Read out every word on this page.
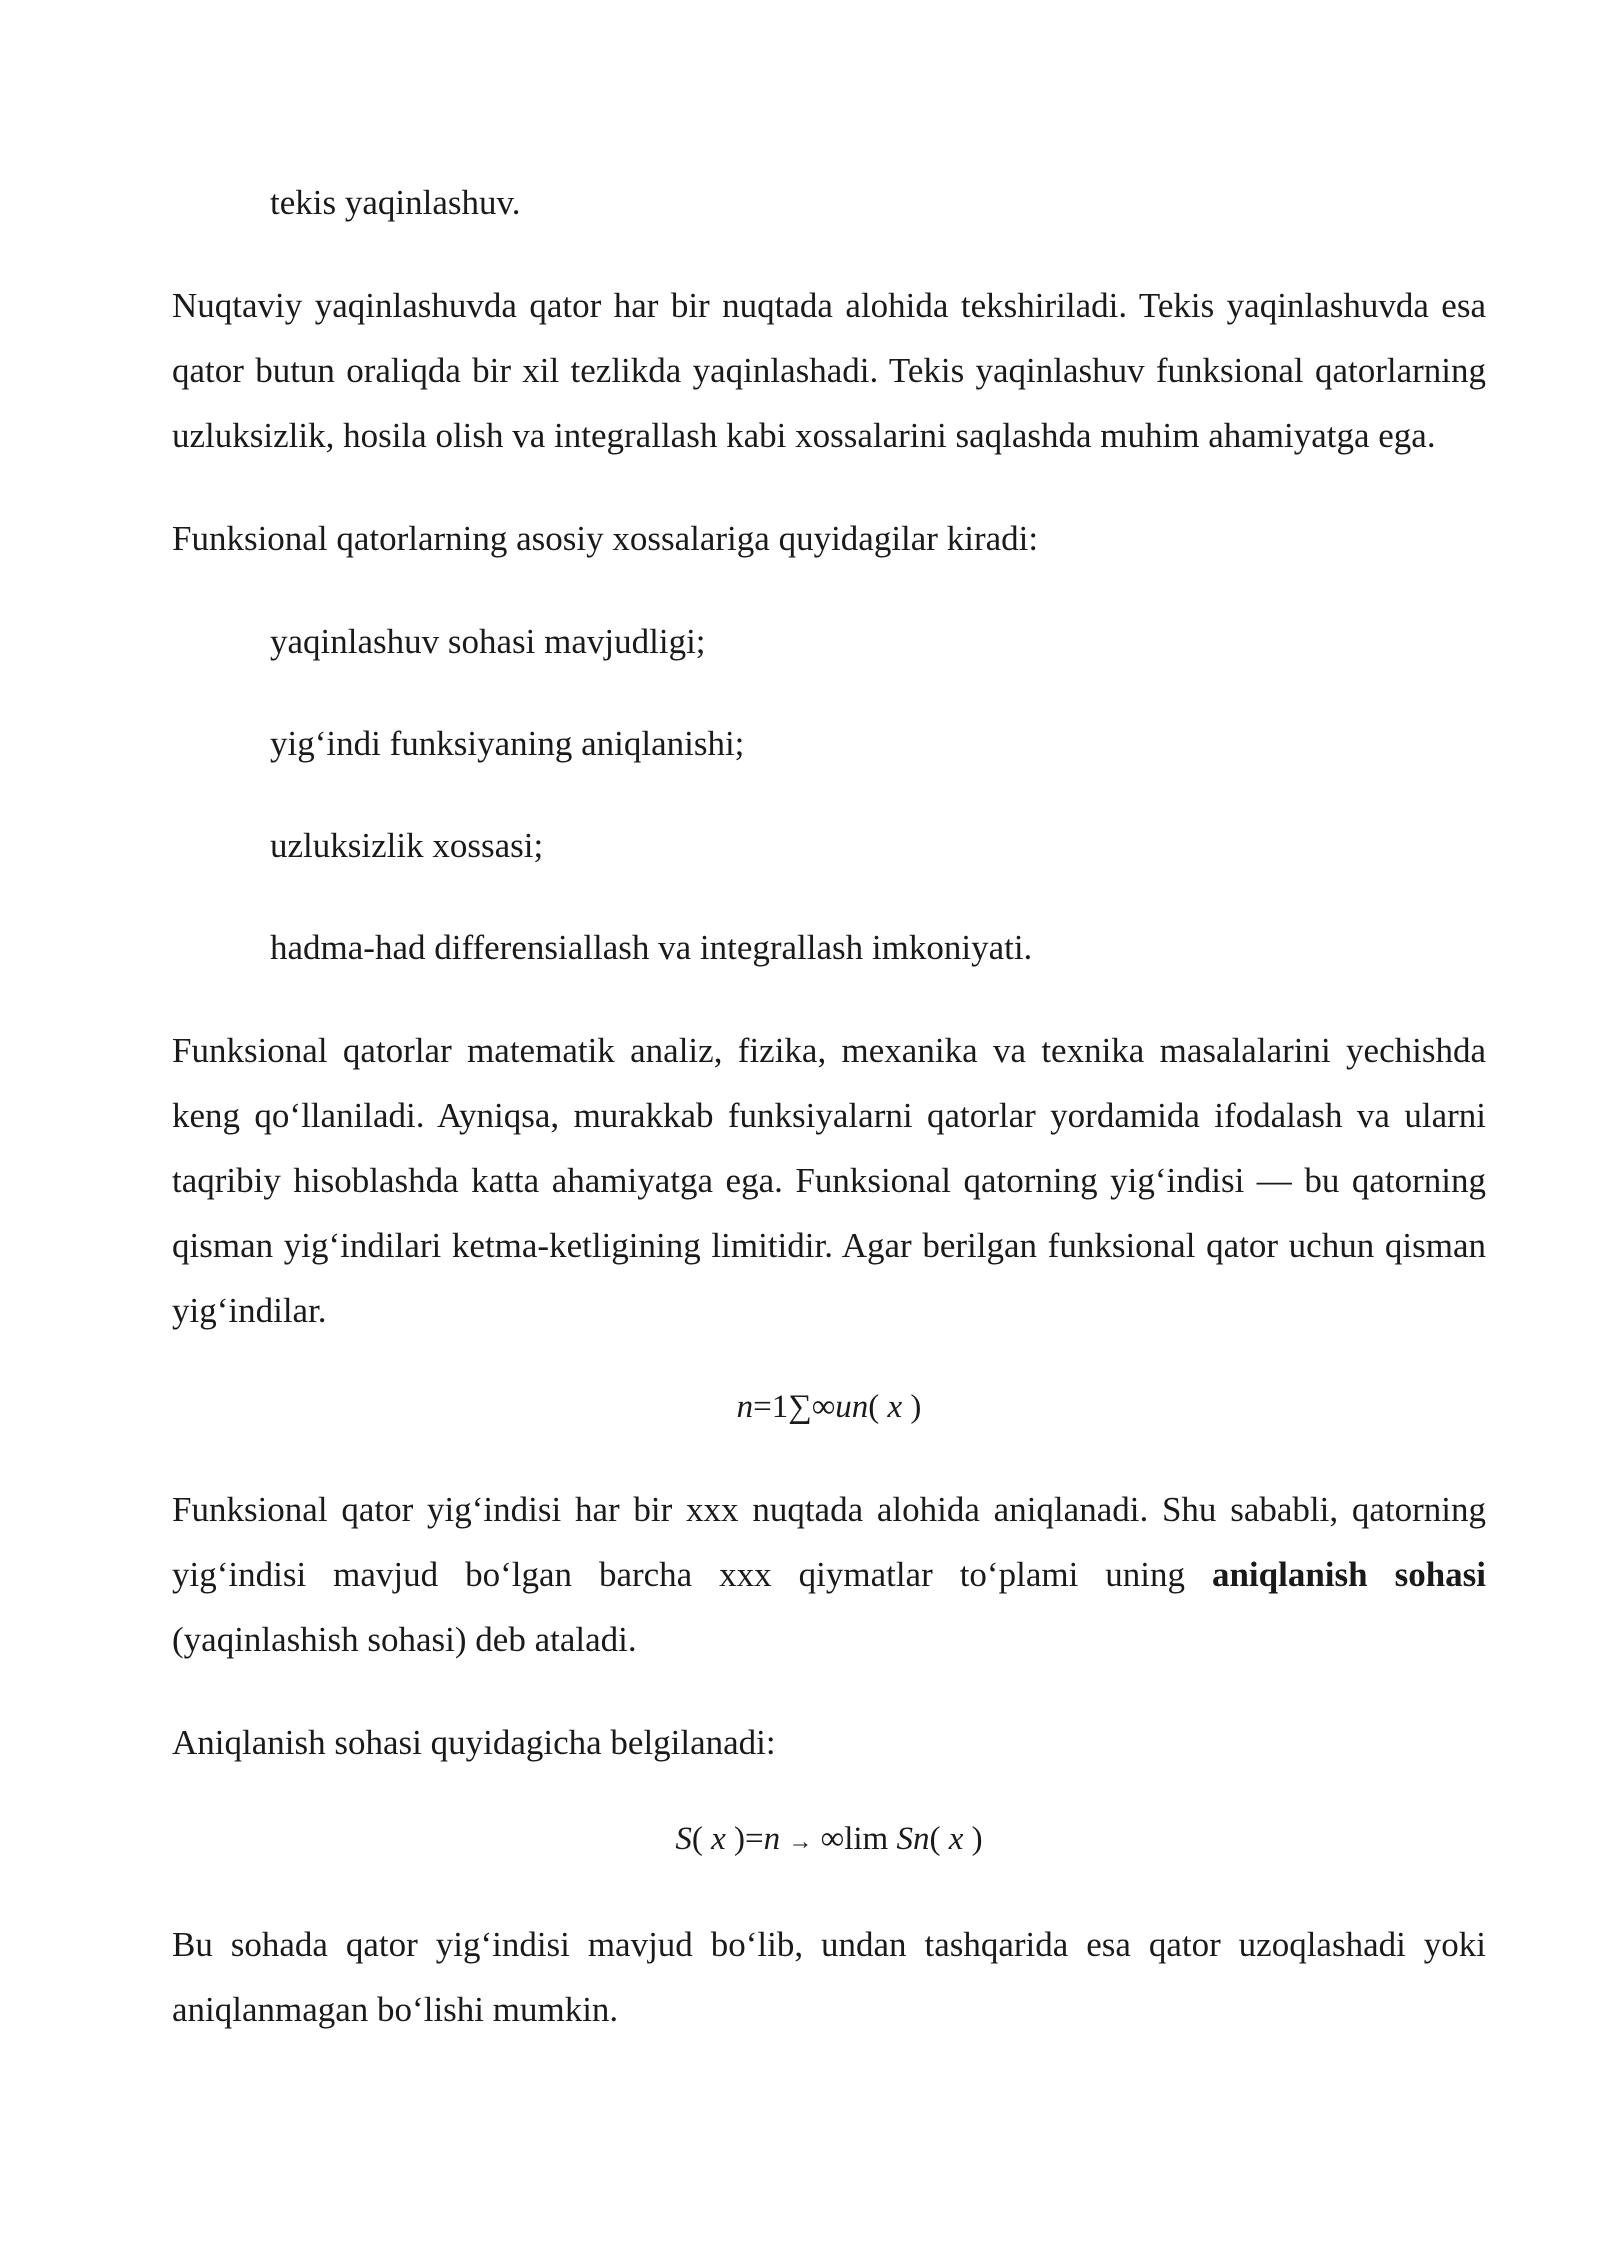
tekis yaqinlashuv.

Nuqtaviy yaqinlashuvda qator har bir nuqtada alohida tekshiriladi. Tekis yaqinlashuvda esa qator butun oraliqda bir xil tezlikda yaqinlashadi. Tekis yaqinlashuv funksional qatorlarning uzluksizlik, hosila olish va integrallash kabi xossalarini saqlashda muhim ahamiyatga ega.

Funksional qatorlarning asosiy xossalariga quyidagilar kiradi:

yaqinlashuv sohasi mavjudligi;

yig‘indi funksiyaning aniqlanishi;

uzluksizlik xossasi;

hadma-had differensiallash va integrallash imkoniyati.

Funksional qatorlar matematik analiz, fizika, mexanika va texnika masalalarini yechishda keng qo‘llaniladi. Ayniqsa, murakkab funksiyalarni qatorlar yordamida ifodalash va ularni taqribiy hisoblashda katta ahamiyatga ega. Funksional qatorning yig‘indisi — bu qatorning qisman yig‘indilari ketma-ketligining limitidir. Agar berilgan funksional qator uchun qisman yig‘indilar.

n=1∑∞un( x )

Funksional qator yig‘indisi har bir xxx nuqtada alohida aniqlanadi. Shu sababli, qatorning yig‘indisi mavjud bo‘lgan barcha xxx qiymatlar to‘plami uning aniqlanish sohasi (yaqinlashish sohasi) deb ataladi.

Aniqlanish sohasi quyidagicha belgilanadi:

S( x )=n → ∞lim Sn( x )

Bu sohada qator yig‘indisi mavjud bo‘lib, undan tashqarida esa qator uzoqlashadi yoki aniqlanmagan bo‘lishi mumkin.
